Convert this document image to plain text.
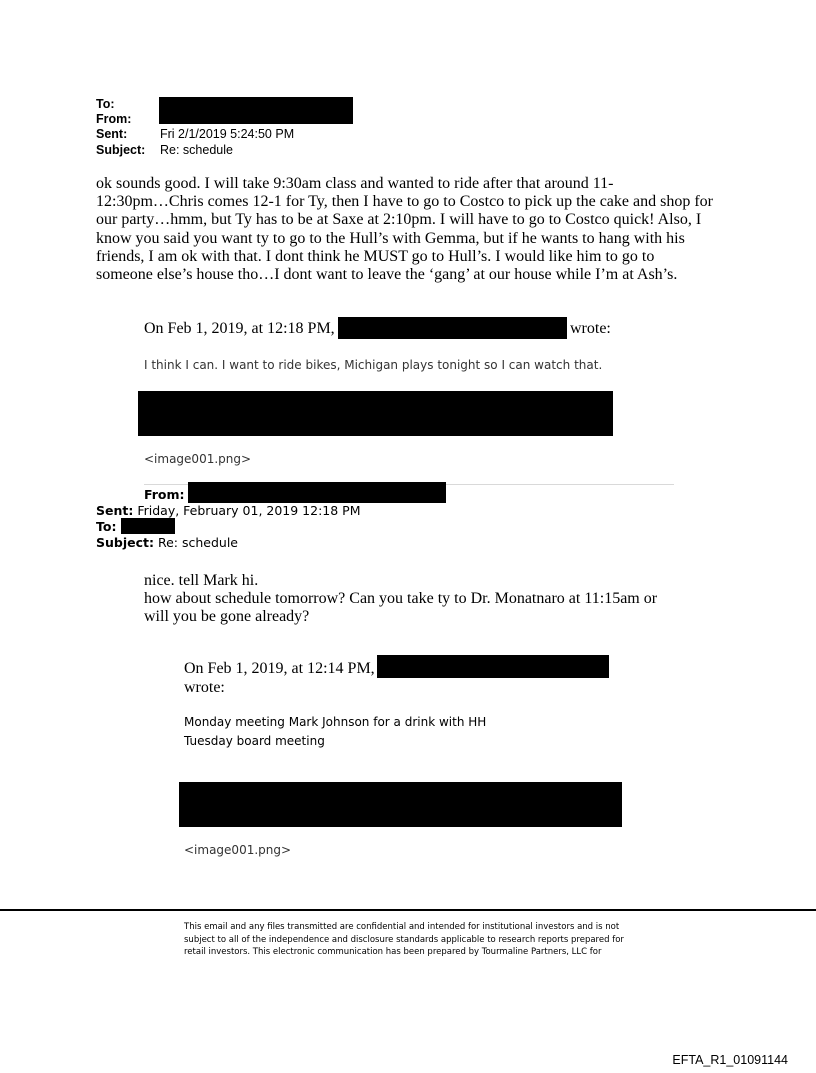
To:
From:
Sent:	Fri 2/1/2019 5:24:50 PM
Subject: Re: schedule
ok sounds good. I will take 9:30am class and wanted to ride after that around 11-
12:30pm…Chris comes 12-1 for Ty, then I have to go to Costco to pick up the cake and shop for
our party…hmm, but Ty has to be at Saxe at 2:10pm. I will have to go to Costco quick! Also, I
know you said you want ty to go to the Hull’s with Gemma, but if he wants to hang with his
friends, I am ok with that. I dont think he MUST go to Hull’s. I would like him to go to
someone else’s house tho…I dont want to leave the ‘gang’ at our house while I’m at Ash’s.
On Feb 1, 2019, at 12:18 PM,	wrote:
I think I can. I want to ride bikes, Michigan plays tonight so I can watch that.
<image001.png>
From:
Sent: Friday, February 01, 2019 12:18 PM
To:
Subject: Re: schedule
nice. tell Mark hi.
how about schedule tomorrow? Can you take ty to Dr. Monatnaro at 11:15am or
will you be gone already?
On Feb 1, 2019, at 12:14 PM,
wrote:
Monday meeting Mark Johnson for a drink with HH
Tuesday board meeting
<image001.png>
This email and any files transmitted are confidential and intended for institutional investors and is not
subject to all of the independence and disclosure standards applicable to research reports prepared for
retail investors. This electronic communication has been prepared by Tourmaline Partners, LLC for
EFTA_R1_01091144
